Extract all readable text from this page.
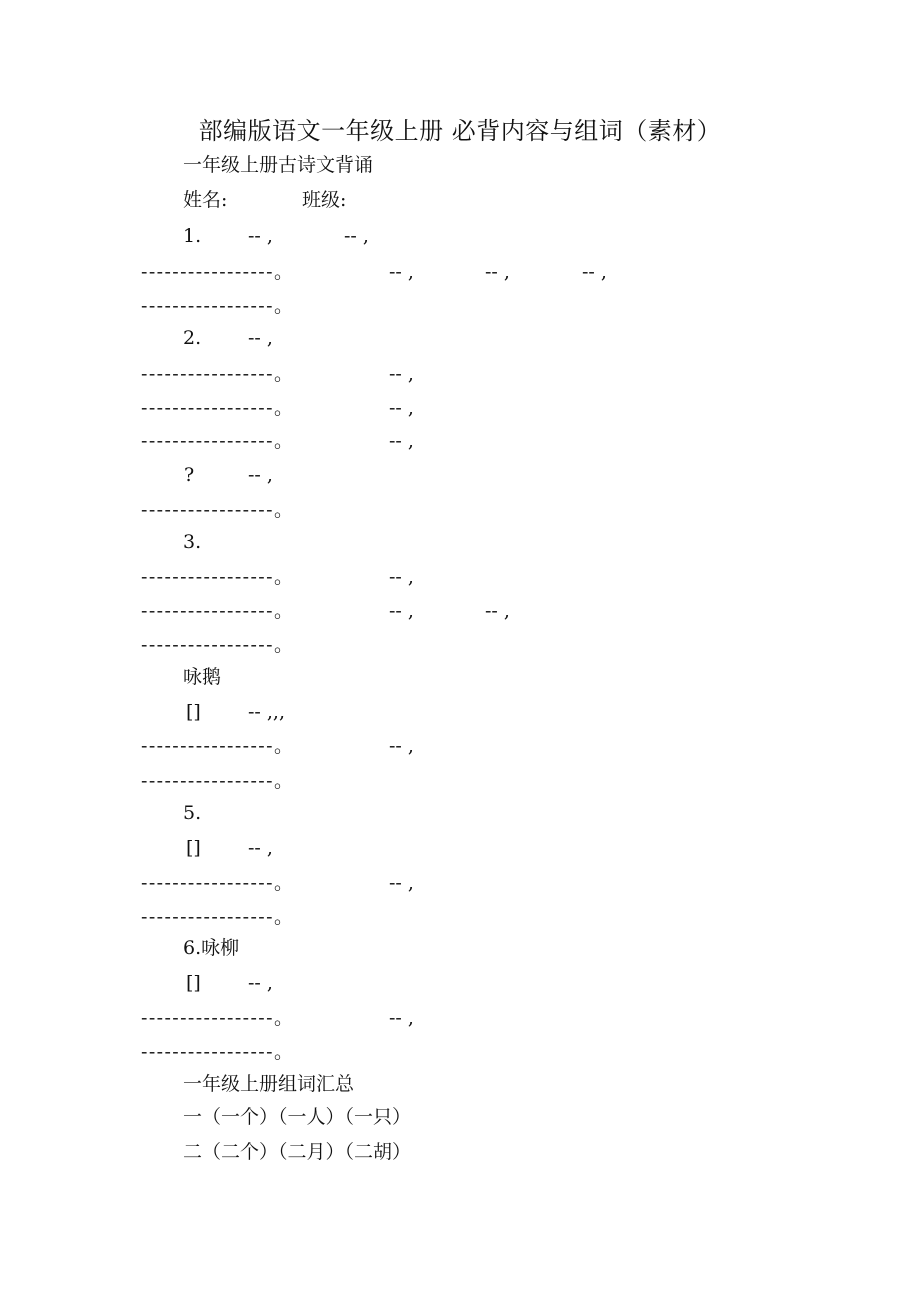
部编版语文一年级上册 必背内容与组词（素材）

一年级上册古诗文背诵

姓名:

	班级:

1.

-- ,

	-- ,

-----------------。

	-- ,

	-- ,

	-- ,

-----------------。

2.

-- ,

-----------------。

	-- ,

-----------------。

	-- ,

-----------------。

	-- ,

?

	-- ,

-----------------。

3.

-----------------。

	-- ,

-----------------。

	-- ,

	-- ,

-----------------。

咏鹅

[]

-- ,,,

-----------------。

	-- ,

-----------------。

5.

[]

-- ,

-----------------。

	-- ,

-----------------。

6.咏柳

[]

-- ,

-----------------。

	-- ,

-----------------。

一年级上册组词汇总

一（一个）（一人）（一只）

二（二个）（二月）（二胡）
